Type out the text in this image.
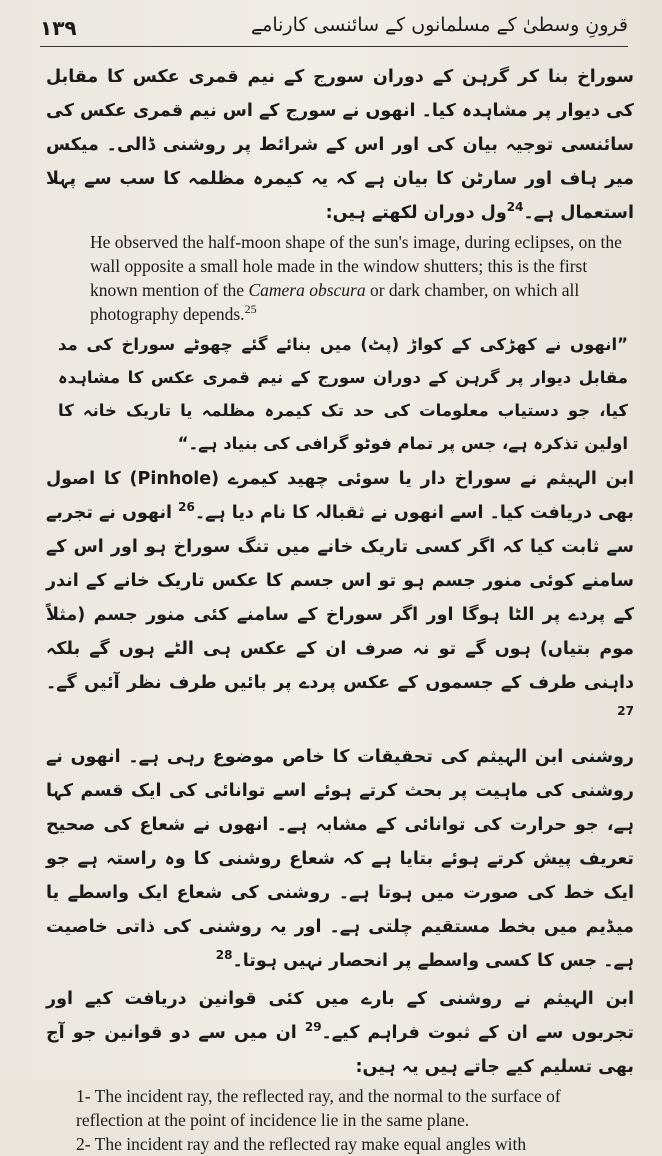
١٣٩	قرونِ وسطیٰ کے مسلمانوں کے سائنسی کارنامے

سوراخ بنا کر گرہن کے دوران سورج کے نیم قمری عکس کا مقابل کی دیوار پر مشاہدہ کیا۔ انھوں نے سورج کے اس نیم قمری عکس کی سائنسی توجیہ بیان کی اور اس کے شرائط پر روشنی ڈالی۔ میکس میر ہاف اور سارٹن کا بیان ہے کہ یہ کیمرہ مظلمہ کا سب سے پہلا استعمال ہے۔$^{24}$ول دوران لکھتے ہیں:

He observed the half-moon shape of the sun's image, during eclipses, on the wall opposite a small hole made in the window shutters; this is the first known mention of the Camera obscura or dark chamber, on which all photography depends.$^{25}$

”انھوں نے کھڑکی کے کواڑ (پٹ) میں بنائے گئے چھوٹے سوراخ کی مد مقابل دیوار پر گرہن کے دوران سورج کے نیم قمری عکس کا مشاہدہ کیا، جو دستیاب معلومات کی حد تک کیمرہ مظلمہ یا تاریک خانہ کا اولین تذکرہ ہے، جس پر تمام فوٹو گرافی کی بنیاد ہے۔“

ابن الہیثم نے سوراخ دار یا سوئی چھید کیمرے (Pinhole) کا اصول بھی دریافت کیا۔ اسے انھوں نے ثقبالہ کا نام دیا ہے۔$^{26}$ انھوں نے تجربے سے ثابت کیا کہ اگر کسی تاریک خانے میں تنگ سوراخ ہو اور اس کے سامنے کوئی منور جسم ہو تو اس جسم کا عکس تاریک خانے کے اندر کے پردے پر الٹا ہوگا اور اگر سوراخ کے سامنے کئی منور جسم (مثلاً موم بتیاں) ہوں گے تو نہ صرف ان کے عکس ہی الٹے ہوں گے بلکہ داہنی طرف کے جسموں کے عکس پردے پر بائیں طرف نظر آئیں گے۔$^{27}$

روشنی ابن الہیثم کی تحقیقات کا خاص موضوع رہی ہے۔ انھوں نے روشنی کی ماہیت پر بحث کرتے ہوئے اسے توانائی کی ایک قسم کہا ہے، جو حرارت کی توانائی کے مشابہ ہے۔ انھوں نے شعاع کی صحیح تعریف پیش کرتے ہوئے بتایا ہے کہ شعاع روشنی کا وہ راستہ ہے جو ایک خط کی صورت میں ہوتا ہے۔ روشنی کی شعاع ایک واسطے یا میڈیم میں بخط مستقیم چلتی ہے۔ اور یہ روشنی کی ذاتی خاصیت ہے۔ جس کا کسی واسطے پر انحصار نہیں ہوتا۔$^{28}$

ابن الہیثم نے روشنی کے بارے میں کئی قوانین دریافت کیے اور تجربوں سے ان کے ثبوت فراہم کیے۔$^{29}$ ان میں سے دو قوانین جو آج بھی تسلیم کیے جاتے ہیں یہ ہیں:

1- The incident ray, the reflected ray, and the normal to the surface of reflection at the point of incidence lie in the same plane.

2- The incident ray and the reflected ray make equal angles with
